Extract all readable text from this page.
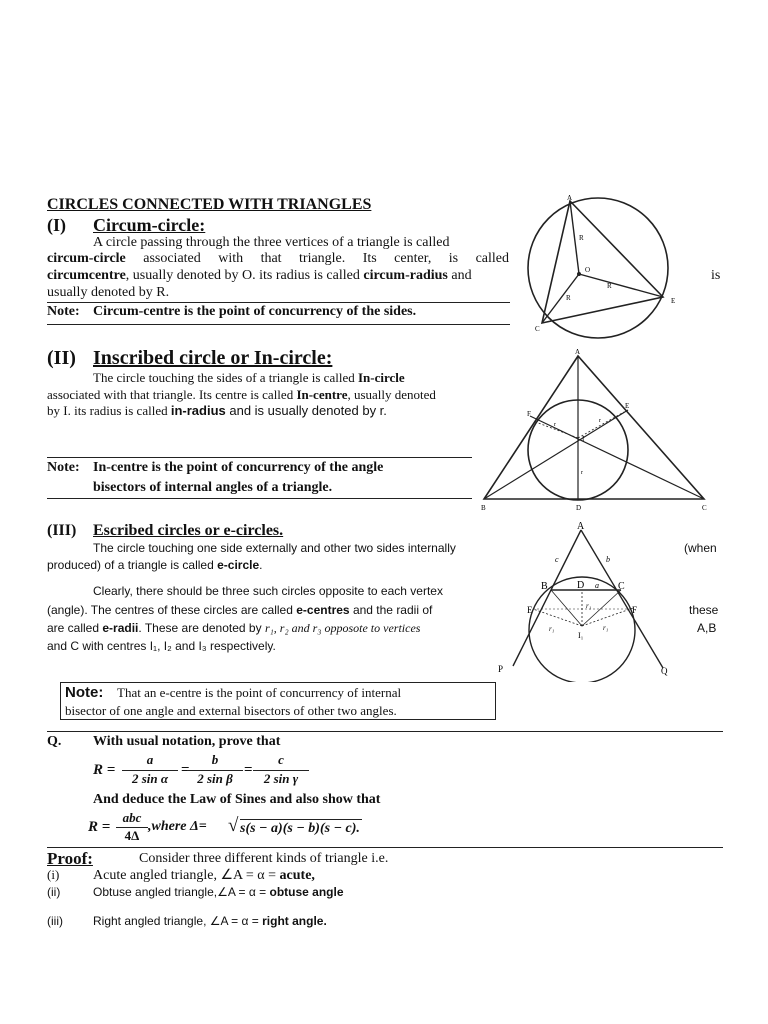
CIRCLES CONNECTED WITH TRIANGLES
(I) Circum-circle:
A circle passing through the three vertices of a triangle is called
circum-circle associated with that triangle. Its center, is called
circumcentre, usually denoted by O. its radius is called circum-radius and	is
usually denoted by R.
Note: Circum-centre is the point of concurrency of the sides.
A
O
R
R
R
C
E
(II) Inscribed circle or In-circle:
The circle touching the sides of a triangle is called In-circle
associated with that triangle. Its centre is called In-centre, usually denoted
by I. its radius is called in-radius and is usually denoted by r.
Note: In-centre is the point of concurrency of the angle
bisectors of internal angles of a triangle.
A
B	C
D
E
F
I
r
r
r
(III) Escribed circles or e-circles.
The circle touching one side externally and other two sides internally	(when
produced) of a triangle is called e-circle.
Clearly, there should be three such circles opposite to each vertex
(angle). The centres of these circles are called e-centres and the radii of	these
are called e-radii. These are denoted by r₁, r₂ and r₃ opposote to vertices	A,B
and C with centres I₁, I₂ and I₃ respectively.
Note: That an e-centre is the point of concurrency of internal
bisector of one angle and external bisectors of other two angles.
A
B	C
D
E	F
P	Q
I₁
r₁
r₁	r₁
a
b
c
Q. With usual notation, prove that
R =
a
2 sin α
=
b
2 sin β
=
c
2 sin γ
And deduce the Law of Sines and also show that
R =
abc
4Δ
,where Δ= √ s(s − a)(s − b)(s − c).
Proof:	Consider three different kinds of triangle i.e.
(i) Acute angled triangle, ∠A = α = acute,
(ii)	Obtuse angled triangle,∠A = α = obtuse angle
(iii)	Right angled triangle, ∠A = α = right angle.
